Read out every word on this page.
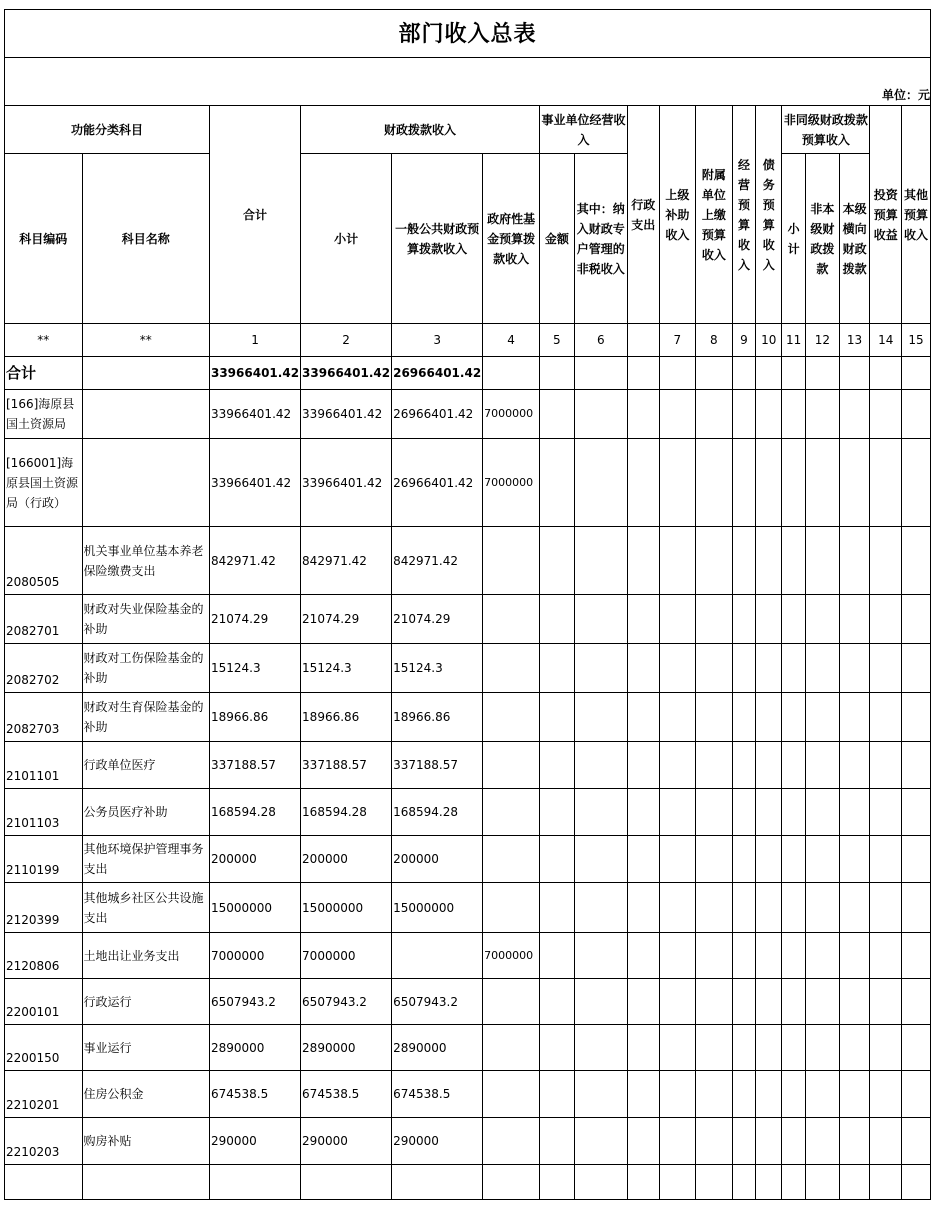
部门收入总表																	
单位：元																	
功能分类科目		合计	财政拨款收入			事业单位经营收入		行政支出	上级补助收入	附属单位上缴预算收入	经营预算收入	债务预算收入	非同级财政拨款预算收入			投资预算收益	其他预算收入
科目编码	科目名称		小计	一般公共财政预算拨款收入	政府性基金预算拨款收入	金额	其中：纳入财政专户管理的非税收入						小计	非本级财政拨款	本级横向财政拨款		
**	**	1	2	3	4	5	6		7	8	9	10	11	12	13	14	15
合计		33966401.42	33966401.42	26966401.42													
[166]海原县国土资源局		33966401.42	33966401.42	26966401.42	7000000												
[166001]海原县国土资源局（行政）		33966401.42	33966401.42	26966401.42	7000000												
2080505	机关事业单位基本养老保险缴费支出	842971.42	842971.42	842971.42													
2082701	财政对失业保险基金的补助	21074.29	21074.29	21074.29													
2082702	财政对工伤保险基金的补助	15124.3	15124.3	15124.3													
2082703	财政对生育保险基金的补助	18966.86	18966.86	18966.86													
2101101	行政单位医疗	337188.57	337188.57	337188.57													
2101103	公务员医疗补助	168594.28	168594.28	168594.28													
2110199	其他环境保护管理事务支出	200000	200000	200000													
2120399	其他城乡社区公共设施支出	15000000	15000000	15000000													
2120806	土地出让业务支出	7000000	7000000		7000000												
2200101	行政运行	6507943.2	6507943.2	6507943.2													
2200150	事业运行	2890000	2890000	2890000													
2210201	住房公积金	674538.5	674538.5	674538.5													
2210203	购房补贴	290000	290000	290000													
